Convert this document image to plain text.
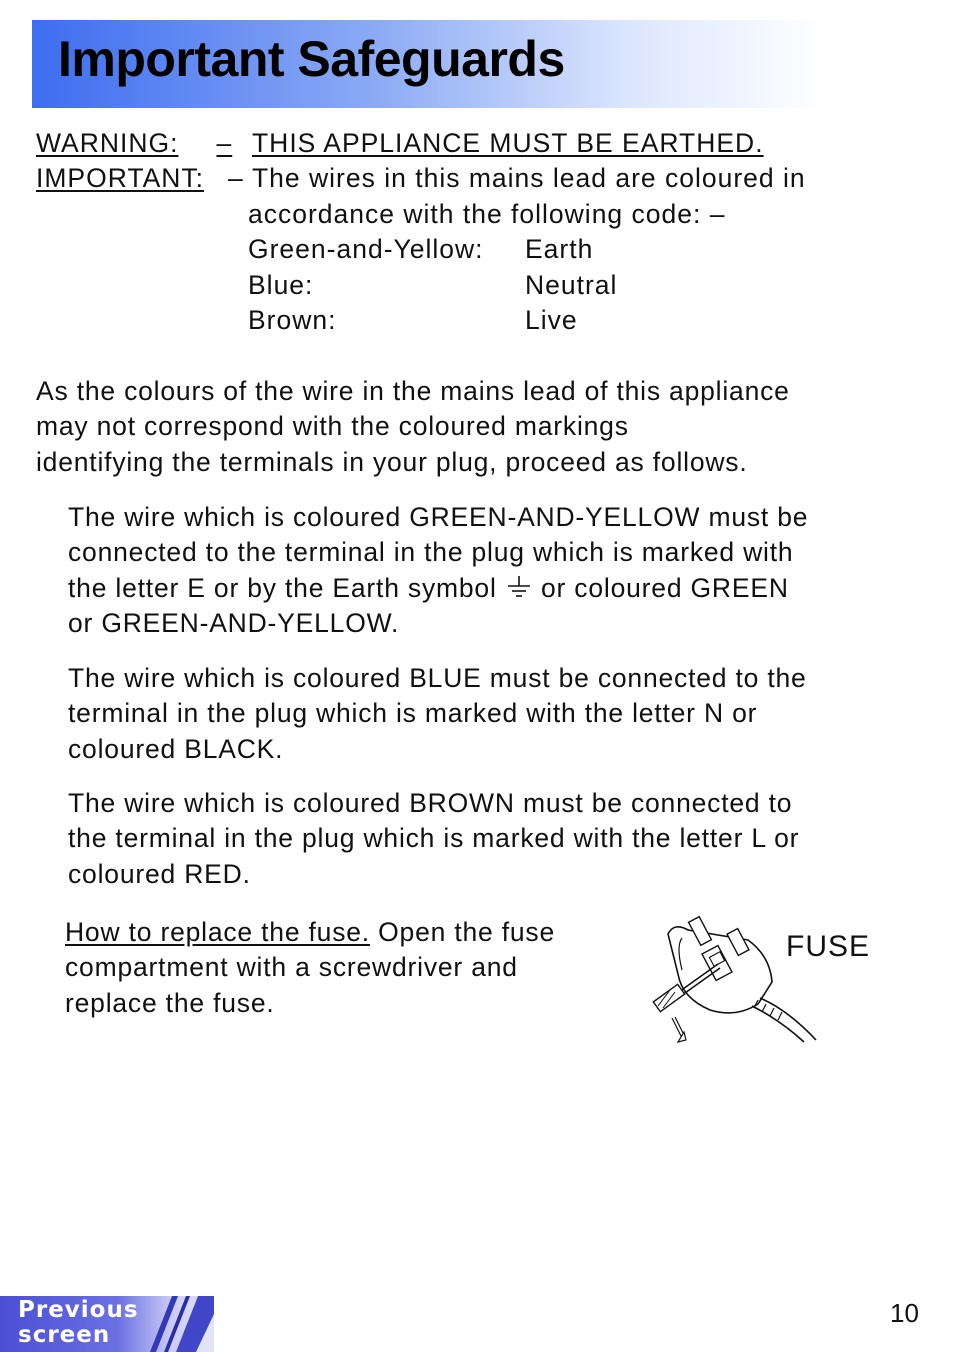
Important Safeguards
WARNING: – THIS APPLIANCE MUST BE EARTHED.
IMPORTANT: – The wires in this mains lead are coloured in
accordance with the following code: –
Green-and-Yellow: Earth
Blue:	Neutral
Brown:	Live
As the colours of the wire in the mains lead of this appliance
may not correspond with the coloured markings
identifying the terminals in your plug, proceed as follows.
The wire which is coloured GREEN-AND-YELLOW must be
connected to the terminal in the plug which is marked with
the letter E or by the Earth symbol or coloured GREEN
or GREEN-AND-YELLOW.
The wire which is coloured BLUE must be connected to the
terminal in the plug which is marked with the letter N or
coloured BLACK.
The wire which is coloured BROWN must be connected to
the terminal in the plug which is marked with the letter L or
coloured RED.
How to replace the fuse. Open the fuse
compartment with a screwdriver and
replace the fuse.
FUSE
Previous
screen
10
